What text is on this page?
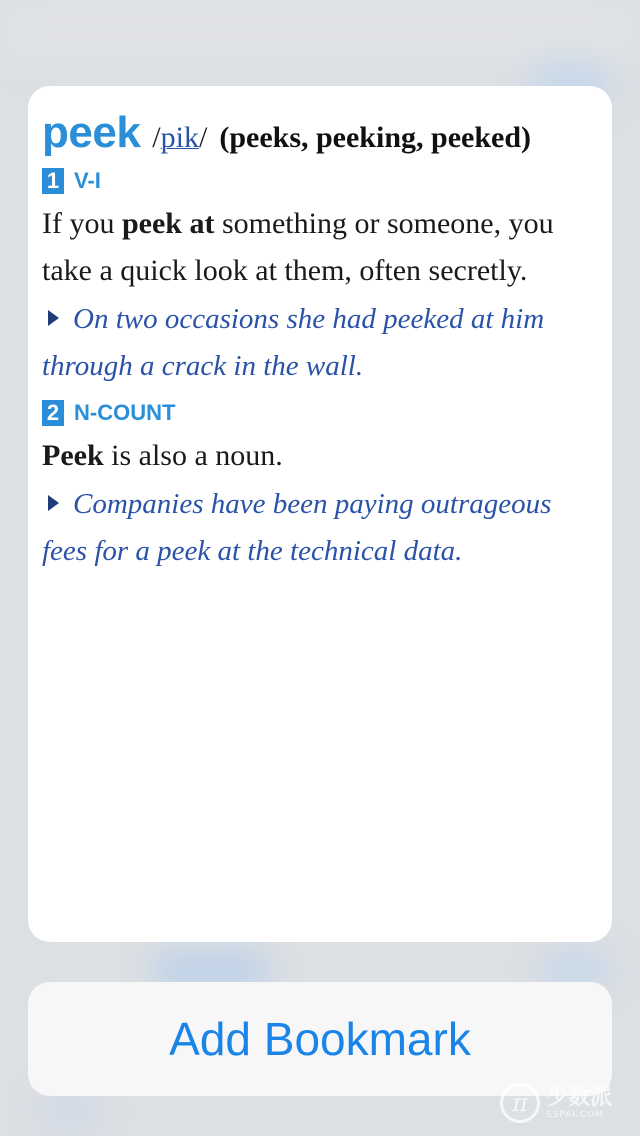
peek /pik/ (peeks, peeking, peeked)
1 V-I
If you peek at something or someone, you take a quick look at them, often secretly.
On two occasions she had peeked at him through a crack in the wall.
2 N-COUNT
Peek is also a noun.
Companies have been paying outrageous fees for a peek at the technical data.
Add Bookmark
π 少数派
SSPAI.COM
